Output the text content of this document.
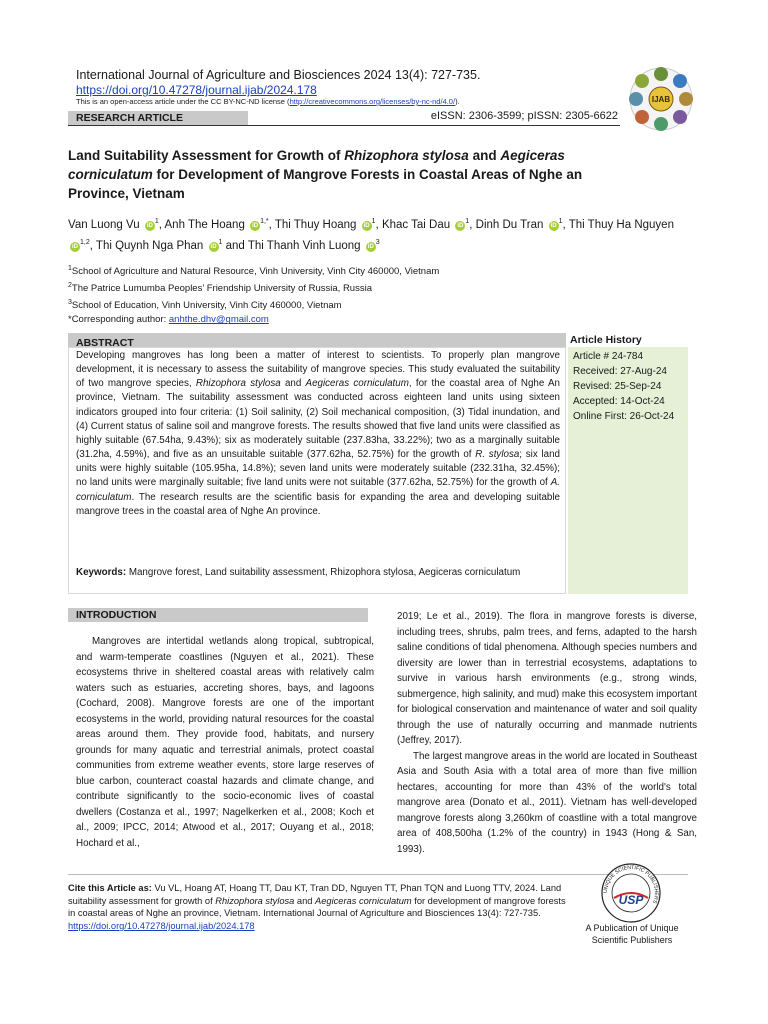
International Journal of Agriculture and Biosciences 2024 13(4): 727-735.
https://doi.org/10.47278/journal.ijab/2024.178
This is an open-access article under the CC BY-NC-ND license (http://creativecommons.org/licenses/by-nc-nd/4.0/).
RESEARCH ARTICLE	eISSN: 2306-3599; pISSN: 2305-6622
IJAB
Land Suitability Assessment for Growth of Rhizophora stylosa and Aegiceras corniculatum for Development of Mangrove Forests in Coastal Areas of Nghe an Province, Vietnam
Van Luong Vu $iD^1$, Anh The Hoang $iD^{1,*}$, Thi Thuy Hoang $iD^1$, Khac Tai Dau $iD^1$, Dinh Du Tran $iD^1$, Thi Thuy Ha Nguyen iD$^{1,2}$, Thi Quynh Nga Phan $iD^1$ and Thi Thanh Vinh Luong $iD^3$
$^1$School of Agriculture and Natural Resource, Vinh University, Vinh City 460000, Vietnam
$^2$The Patrice Lumumba Peoples’ Friendship University of Russia, Russia
$^3$School of Education, Vinh University, Vinh City 460000, Vietnam
*Corresponding author: anhthe.dhv@gmail.com
ABSTRACT	Article History
Developing mangroves has long been a matter of interest to scientists. To properly plan mangrove development, it is necessary to assess the suitability of mangrove species. This study evaluated the suitability of two mangrove species, Rhizophora stylosa and Aegiceras corniculatum, for the coastal area of Nghe An province, Vietnam. The suitability assessment was conducted across eighteen land units using sixteen indicators grouped into four criteria: (1) Soil salinity, (2) Soil mechanical composition, (3) Tidal inundation, and (4) Current status of saline soil and mangrove forests. The results showed that five land units were classified as highly suitable (67.54ha, 9.43%); six as moderately suitable (237.83ha, 33.22%); two as a marginally suitable (31.2ha, 4.59%), and five as an unsuitable suitable (377.62ha, 52.75%) for the growth of R. stylosa; six land units were highly suitable (105.95ha, 14.8%); seven land units were moderately suitable (232.31ha, 32.45%); no land units were marginally suitable; five land units were not suitable (377.62ha, 52.75%) for the growth of A. corniculatum. The research results are the scientific basis for expanding the area and developing suitable mangrove trees in the coastal area of Nghe An province.
Keywords: Mangrove forest, Land suitability assessment, Rhizophora stylosa, Aegiceras corniculatum
Article # 24-784
Received: 27-Aug-24
Revised: 25-Sep-24
Accepted: 14-Oct-24
Online First: 26-Oct-24
INTRODUCTION
Mangroves are intertidal wetlands along tropical, subtropical, and warm-temperate coastlines (Nguyen et al., 2021). These ecosystems thrive in sheltered coastal areas with relatively calm waters such as estuaries, accreting shores, bays, and lagoons (Cochard, 2008). Mangrove forests are one of the important ecosystems in the world, providing natural resources for the coastal areas around them. They provide food, habitats, and nursery grounds for many aquatic and terrestrial animals, protect coastal communities from extreme weather events, store large reserves of blue carbon, counteract coastal hazards and climate change, and contribute significantly to the socio-economic lives of coastal dwellers (Costanza et al., 1997; Nagelkerken et al., 2008; Koch et al., 2009; IPCC, 2014; Atwood et al., 2017; Ouyang et al., 2018; Hochard et al.,
2019; Le et al., 2019). The flora in mangrove forests is diverse, including trees, shrubs, palm trees, and ferns, adapted to the harsh saline conditions of tidal phenomena. Although species numbers and diversity are lower than in terrestrial ecosystems, adaptations to survive in various harsh environments (e.g., strong winds, submergence, high salinity, and mud) make this ecosystem important for biological conservation and maintenance of water and soil quality through the use of naturally occurring and manmade nutrients (Jeffrey, 2017).
The largest mangrove areas in the world are located in Southeast Asia and South Asia with a total area of more than five million hectares, accounting for more than 43% of the world's total mangrove area (Donato et al., 2011). Vietnam has well-developed mangrove forests along 3,260km of coastline with a total mangrove area of 408,500ha (1.2% of the country) in 1943 (Hong & San, 1993).
Cite this Article as: Vu VL, Hoang AT, Hoang TT, Dau KT, Tran DD, Nguyen TT, Phan TQN and Luong TTV, 2024. Land suitability assessment for growth of Rhizophora stylosa and Aegiceras corniculatum for development of mangrove forests in coastal areas of Nghe an province, Vietnam. International Journal of Agriculture and Biosciences 13(4): 727-735. https://doi.org/10.47278/journal.ijab/2024.178
UNIQUE SCIENTIFIC PUBLISHERS
USP
A Publication of Unique
Scientific Publishers
